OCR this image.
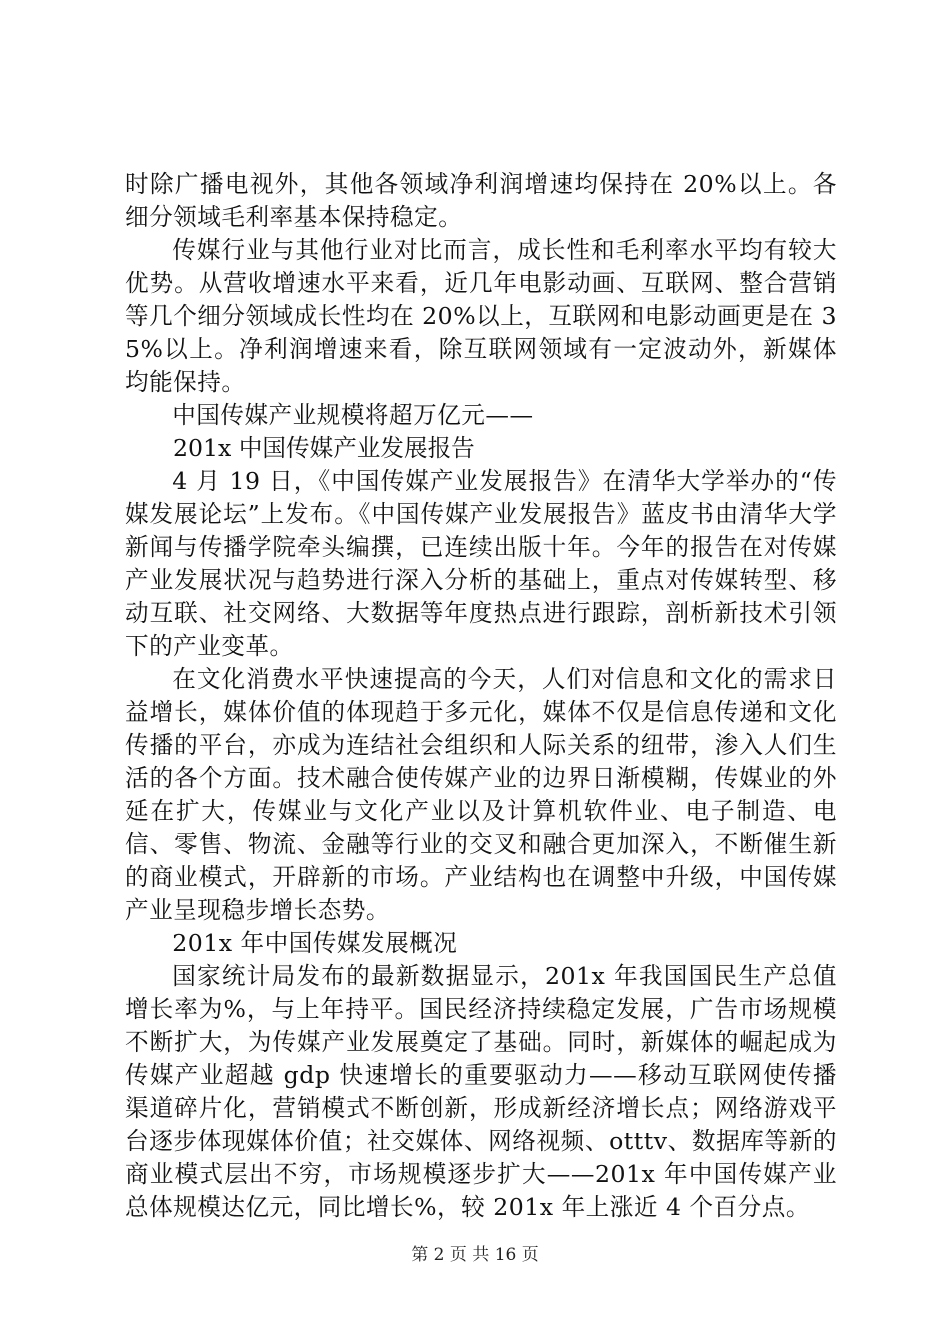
时除广播电视外，其他各领域净利润增速均保持在 20%以上。各细分领域毛利率基本保持稳定。

传媒行业与其他行业对比而言，成长性和毛利率水平均有较大优势。从营收增速水平来看，近几年电影动画、互联网、整合营销等几个细分领域成长性均在 20%以上，互联网和电影动画更是在 35%以上。净利润增速来看，除互联网领域有一定波动外，新媒体均能保持。

中国传媒产业规模将超万亿元——

201x 中国传媒产业发展报告

4 月 19 日，《中国传媒产业发展报告》在清华大学举办的“传媒发展论坛”上发布。《中国传媒产业发展报告》蓝皮书由清华大学新闻与传播学院牵头编撰，已连续出版十年。今年的报告在对传媒产业发展状况与趋势进行深入分析的基础上，重点对传媒转型、移动互联、社交网络、大数据等年度热点进行跟踪，剖析新技术引领下的产业变革。

在文化消费水平快速提高的今天，人们对信息和文化的需求日益增长，媒体价值的体现趋于多元化，媒体不仅是信息传递和文化传播的平台，亦成为连结社会组织和人际关系的纽带，渗入人们生活的各个方面。技术融合使传媒产业的边界日渐模糊，传媒业的外延在扩大，传媒业与文化产业以及计算机软件业、电子制造、电信、零售、物流、金融等行业的交叉和融合更加深入，不断催生新的商业模式，开辟新的市场。产业结构也在调整中升级，中国传媒产业呈现稳步增长态势。

201x 年中国传媒发展概况

国家统计局发布的最新数据显示，201x 年我国国民生产总值增长率为%，与上年持平。国民经济持续稳定发展，广告市场规模不断扩大，为传媒产业发展奠定了基础。同时，新媒体的崛起成为传媒产业超越 gdp 快速增长的重要驱动力——移动互联网使传播渠道碎片化，营销模式不断创新，形成新经济增长点；网络游戏平台逐步体现媒体价值；社交媒体、网络视频、otttv、数据库等新的商业模式层出不穷，市场规模逐步扩大——201x 年中国传媒产业总体规模达亿元，同比增长%，较 201x 年上涨近 4 个百分点。

第 2 页 共 16 页
